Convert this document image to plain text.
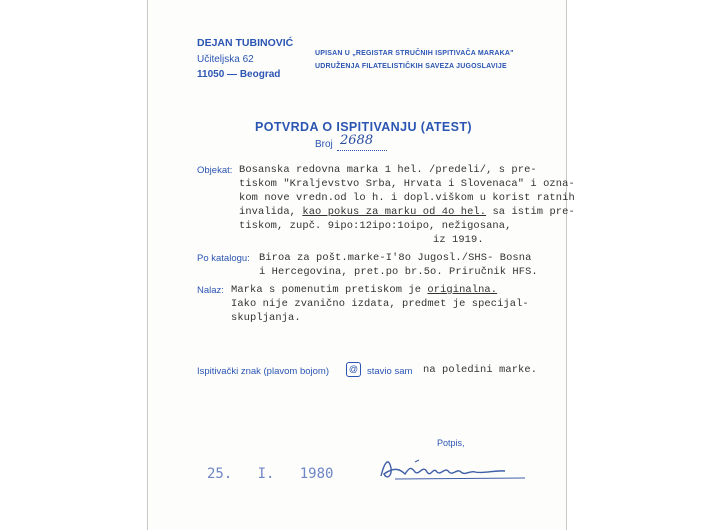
DEJAN TUBINOVIĆ
Učiteljska 62
11050 — Beograd
UPISAN U „REGISTAR STRUČNIH ISPITIVAČA MARAKA"
UDRUŽENJA FILATELISTIČKIH SAVEZA JUGOSLAVIJE
POTVRDA O ISPITIVANJU (ATEST)
Broj 2688
Objekat: Bosanska redovna marka 1 hel. /predeli/, s pre-
tiskom "Kraljevstvo Srba, Hrvata i Slovenaca" i ozna-
kom nove vredn.od lo h. i dopl.viškom u korist ratnih
invalida, kao pokus za marku od 4o hel. sa istim pre-
tiskom, zupč. 9ipo:12ipo:1oipo, nežigosana,
iz 1919.
Po katalogu: Biroa za pošt.marke-I'8o Jugosl./SHS- Bosna
i Hercegovina, pret.po br.5o. Priručnik HFS.
Nalaz: Marka s pomenutim pretiskom je originalna.
Iako nije zvanično izdata, predmet je specijal-
skupljanja.
Ispitivački znak (plavom bojom) @ stavio sam na poledini marke.
Potpis,
25. I. 1980
